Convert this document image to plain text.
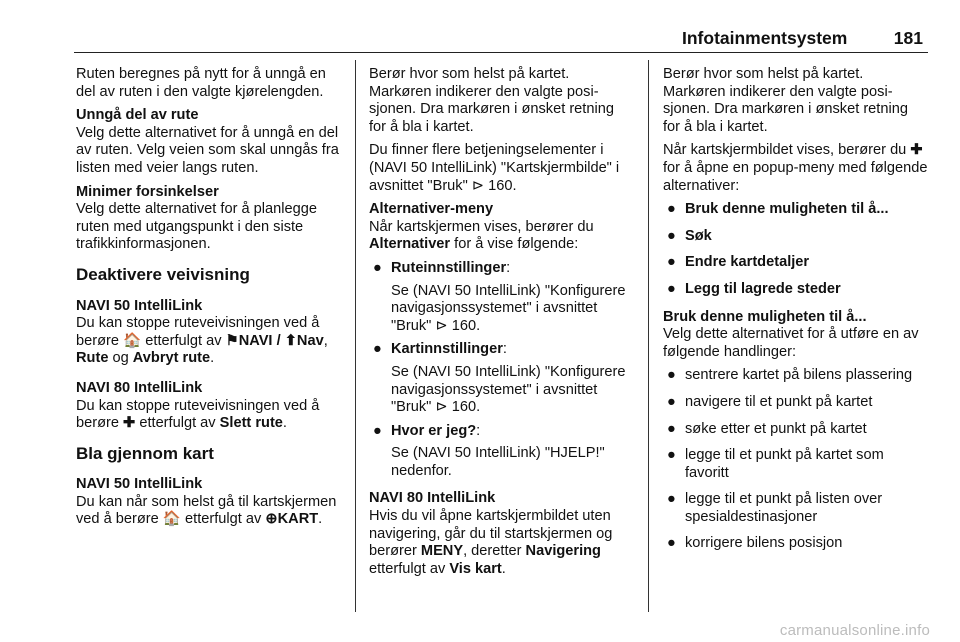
Infotainmentsystem	181

Ruten beregnes på nytt for å unngå en del av ruten i den valgte kjørelengden.

Unngå del av rute

Velg dette alternativet for å unngå en del av ruten. Velg veien som skal unngås fra listen med veier langs ruten.

Minimer forsinkelser

Velg dette alternativet for å planlegge ruten med utgangspunkt i den siste trafikkinformasjonen.

Deaktivere veivisning
NAVI 50 IntelliLink

Du kan stoppe ruteveivisningen ved å berøre 🏠 etterfulgt av ⚑NAVI / ⬆Nav, Rute og Avbryt rute.

NAVI 80 IntelliLink

Du kan stoppe ruteveivisningen ved å berøre ✚ etterfulgt av Slett rute.

Bla gjennom kart
NAVI 50 IntelliLink

Du kan når som helst gå til kartskjermen ved å berøre 🏠 etterfulgt av ⊕KART.

Berør hvor som helst på kartet. Markøren indikerer den valgte posisjonen. Dra markøren i ønsket retning for å bla i kartet.

Du finner flere betjeningselementer i (NAVI 50 IntelliLink) "Kartskjermbilde" i avsnittet "Bruk" ⊳ 160.

Alternativer-meny

Når kartskjermen vises, berører du Alternativer for å vise følgende:

● Ruteinnstillinger:
Se (NAVI 50 IntelliLink) "Konfigurere navigasjonssystemet" i avsnittet "Bruk" ⊳ 160.
● Kartinnstillinger:
Se (NAVI 50 IntelliLink) "Konfigurere navigasjonssystemet" i avsnittet "Bruk" ⊳ 160.
● Hvor er jeg?:
Se (NAVI 50 IntelliLink) "HJELP!" nedenfor.
NAVI 80 IntelliLink

Hvis du vil åpne kartskjermbildet uten navigering, går du til startskjermen og berører MENY, deretter Navigering etterfulgt av Vis kart.

Berør hvor som helst på kartet. Markøren indikerer den valgte posisjonen. Dra markøren i ønsket retning for å bla i kartet.

Når kartskjermbildet vises, berører du ✚ for å åpne en popup-meny med følgende alternativer:

● Bruk denne muligheten til å...
● Søk
● Endre kartdetaljer
● Legg til lagrede steder
Bruk denne muligheten til å...

Velg dette alternativet for å utføre en av følgende handlinger:

● sentrere kartet på bilens plassering
● navigere til et punkt på kartet
● søke etter et punkt på kartet
● legge til et punkt på kartet som favoritt
● legge til et punkt på listen over spesialdestinasjoner
● korrigere bilens posisjon
carmanualsonline.info
